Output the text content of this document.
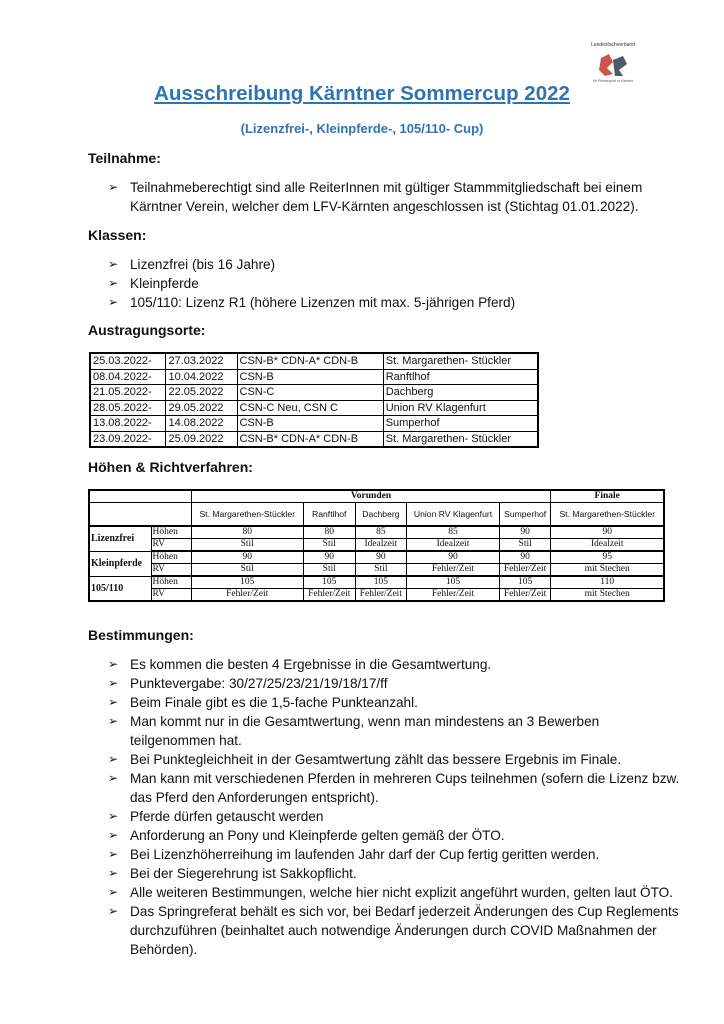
Landesfachverband
für Pferdesport in Kärnten
Ausschreibung Kärntner Sommercup 2022
(Lizenzfrei-, Kleinpferde-, 105/110- Cup)
Teilnahme:
➢ Teilnahmeberechtigt sind alle ReiterInnen mit gültiger Stammmitgliedschaft bei einem Kärntner Verein, welcher dem LFV-Kärnten angeschlossen ist (Stichtag 01.01.2022).
Klassen:
➢ Lizenzfrei (bis 16 Jahre)
➢ Kleinpferde
➢ 105/110: Lizenz R1 (höhere Lizenzen mit max. 5-jährigen Pferd)
Austragungsorte:
25.03.2022-	27.03.2022	CSN-B* CDN-A* CDN-B	St. Margarethen- Stückler
08.04.2022-	10.04.2022	CSN-B	Ranftlhof
21.05.2022-	22.05.2022	CSN-C	Dachberg
28.05.2022-	29.05.2022	CSN-C Neu, CSN C	Union RV Klagenfurt
13.08.2022-	14.08.2022	CSN-B	Sumperhof
23.09.2022-	25.09.2022	CSN-B* CDN-A* CDN-B	St. Margarethen- Stückler
Höhen & Richtverfahren:
		Vorunden					Finale
		St. Margarethen-Stückler	Ranftlhof	Dachberg	Union RV Klagenfurt	Sumperhof	St. Margarethen-Stückler
Lizenzfrei	Höhen	80	80	85	85	90	90
	RV	Stil	Stil	Idealzeit	Idealzeit	Stil	Idealzeit
Kleinpferde	Höhen	90	90	90	90	90	95
	RV	Stil	Stil	Stil	Fehler/Zeit	Fehler/Zeit	mit Stechen
105/110	Höhen	105	105	105	105	105	110
	RV	Fehler/Zeit	Fehler/Zeit	Fehler/Zeit	Fehler/Zeit	Fehler/Zeit	mit Stechen
Bestimmungen:
➢ Es kommen die besten 4 Ergebnisse in die Gesamtwertung.
➢ Punktevergabe: 30/27/25/23/21/19/18/17/ff
➢ Beim Finale gibt es die 1,5-fache Punkteanzahl.
➢ Man kommt nur in die Gesamtwertung, wenn man mindestens an 3 Bewerben teilgenommen hat.
➢ Bei Punktegleichheit in der Gesamtwertung zählt das bessere Ergebnis im Finale.
➢ Man kann mit verschiedenen Pferden in mehreren Cups teilnehmen (sofern die Lizenz bzw. das Pferd den Anforderungen entspricht).
➢ Pferde dürfen getauscht werden
➢ Anforderung an Pony und Kleinpferde gelten gemäß der ÖTO.
➢ Bei Lizenzhöherreihung im laufenden Jahr darf der Cup fertig geritten werden.
➢ Bei der Siegerehrung ist Sakkopflicht.
➢ Alle weiteren Bestimmungen, welche hier nicht explizit angeführt wurden, gelten laut ÖTO.
➢ Das Springreferat behält es sich vor, bei Bedarf jederzeit Änderungen des Cup Reglements durchzuführen (beinhaltet auch notwendige Änderungen durch COVID Maßnahmen der Behörden).
